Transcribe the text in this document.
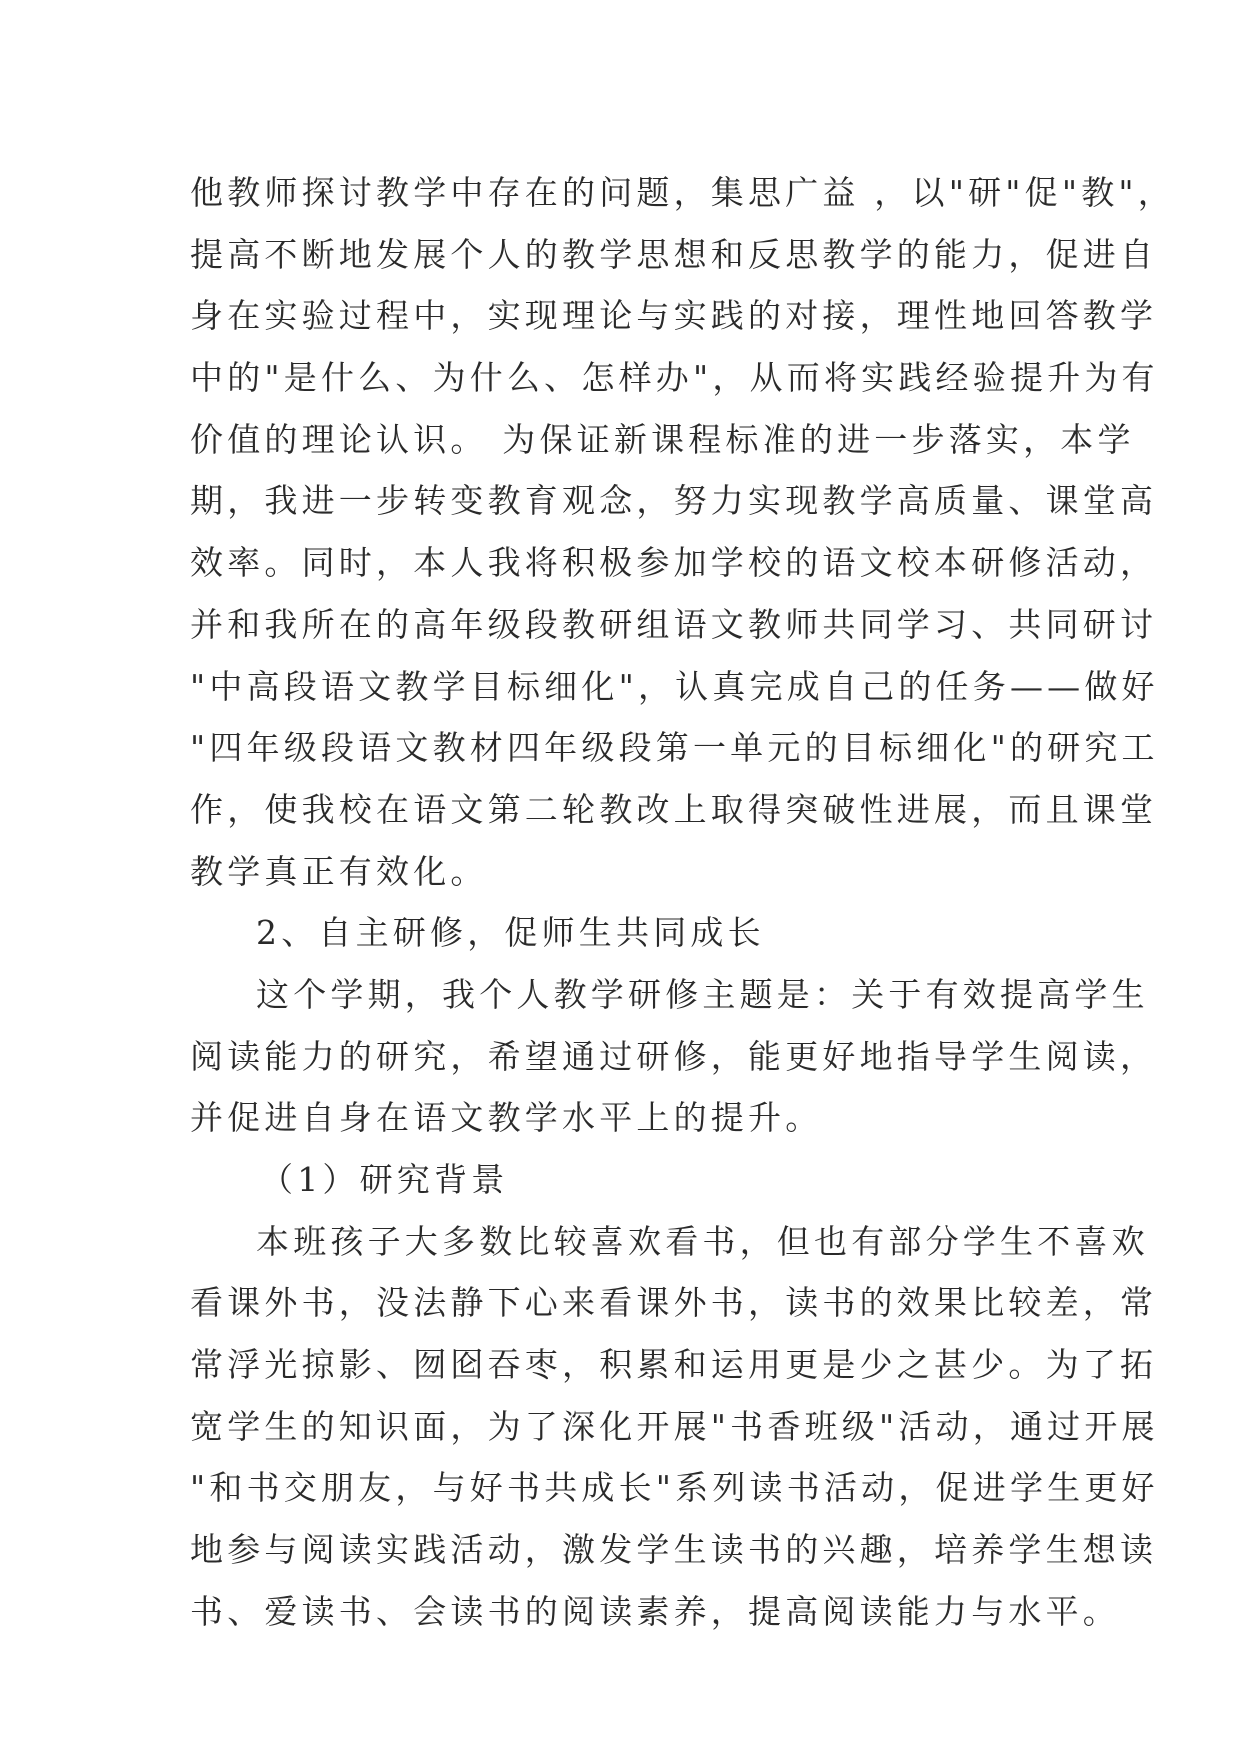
他教师探讨教学中存在的问题，集思广益 ，以"研"促"教"，

提高不断地发展个人的教学思想和反思教学的能力，促进自

身在实验过程中，实现理论与实践的对接，理性地回答教学

中的"是什么、为什么、怎样办"，从而将实践经验提升为有

价值的理论认识。 为保证新课程标准的进一步落实，本学

期，我进一步转变教育观念，努力实现教学高质量、课堂高

效率。同时，本人我将积极参加学校的语文校本研修活动，

并和我所在的高年级段教研组语文教师共同学习、共同研讨

"中高段语文教学目标细化"，认真完成自己的任务——做好

"四年级段语文教材四年级段第一单元的目标细化"的研究工

作，使我校在语文第二轮教改上取得突破性进展，而且课堂

教学真正有效化。

2、自主研修，促师生共同成长

这个学期，我个人教学研修主题是：关于有效提高学生

阅读能力的研究，希望通过研修，能更好地指导学生阅读，

并促进自身在语文教学水平上的提升。

（1）研究背景

本班孩子大多数比较喜欢看书，但也有部分学生不喜欢

看课外书，没法静下心来看课外书，读书的效果比较差，常

常浮光掠影、囫囵吞枣，积累和运用更是少之甚少。为了拓

宽学生的知识面，为了深化开展"书香班级"活动，通过开展

"和书交朋友，与好书共成长"系列读书活动，促进学生更好

地参与阅读实践活动，激发学生读书的兴趣，培养学生想读

书、爱读书、会读书的阅读素养，提高阅读能力与水平。
